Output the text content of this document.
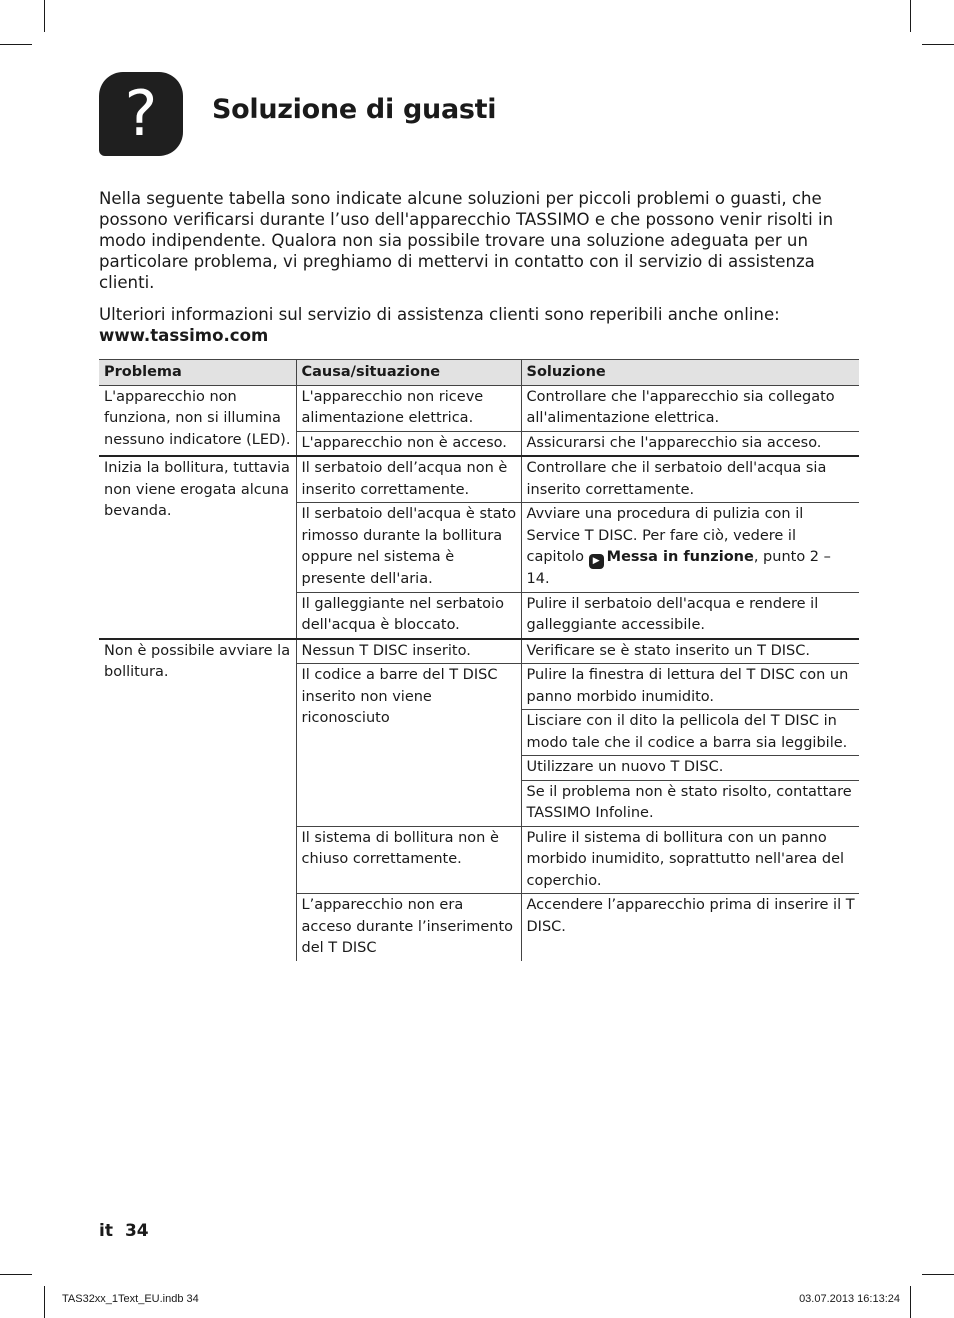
?	Soluzione di guasti

Nella seguente tabella sono indicate alcune soluzioni per piccoli problemi o guasti, che possono verificarsi durante l’uso dell'apparecchio TASSIMO e che possono venir risolti in modo indipendente. Qualora non sia possibile trovare una soluzione adeguata per un particolare problema, vi preghiamo di mettervi in contatto con il servizio di assistenza clienti.

Ulteriori informazioni sul servizio di assistenza clienti sono reperibili anche online:
www.tassimo.com

Problema	Causa/situazione	Soluzione
L'apparecchio non funziona, non si illumina nessuno indicatore (LED).	L'apparecchio non riceve alimentazione elettrica.	Controllare che l'apparecchio sia collegato all'alimentazione elettrica.
	L'apparecchio non è acceso.	Assicurarsi che l'apparecchio sia acceso.
Inizia la bollitura, tuttavia non viene erogata alcuna bevanda.	Il serbatoio dell’acqua non è inserito correttamente.	Controllare che il serbatoio dell'acqua sia inserito correttamente.
	Il serbatoio dell'acqua è stato rimosso durante la bollitura oppure nel sistema è presente dell'aria.	Avviare una procedura di pulizia con il Service T DISC. Per fare ciò, vedere il capitolo ▶ Messa in funzione, punto 2 – 14.
	Il galleggiante nel serbatoio dell'acqua è bloccato.	Pulire il serbatoio dell'acqua e rendere il galleggiante accessibile.
Non è possibile avviare la bollitura.	Nessun T DISC inserito.	Verificare se è stato inserito un T DISC.
	Il codice a barre del T DISC inserito non viene riconosciuto	Pulire la finestra di lettura del T DISC con un panno morbido inumidito.
		Lisciare con il dito la pellicola del T DISC in modo tale che il codice a barra sia leggibile.
		Utilizzare un nuovo T DISC.
		Se il problema non è stato risolto, contattare TASSIMO Infoline.
	Il sistema di bollitura non è chiuso correttamente.	Pulire il sistema di bollitura con un panno morbido inumidito, soprattutto nell'area del coperchio.
	L’apparecchio non era acceso durante l’inserimento del T DISC	Accendere l’apparecchio prima di inserire il T DISC.
it 34
TAS32xx_1Text_EU.indb 34	03.07.2013 16:13:24
